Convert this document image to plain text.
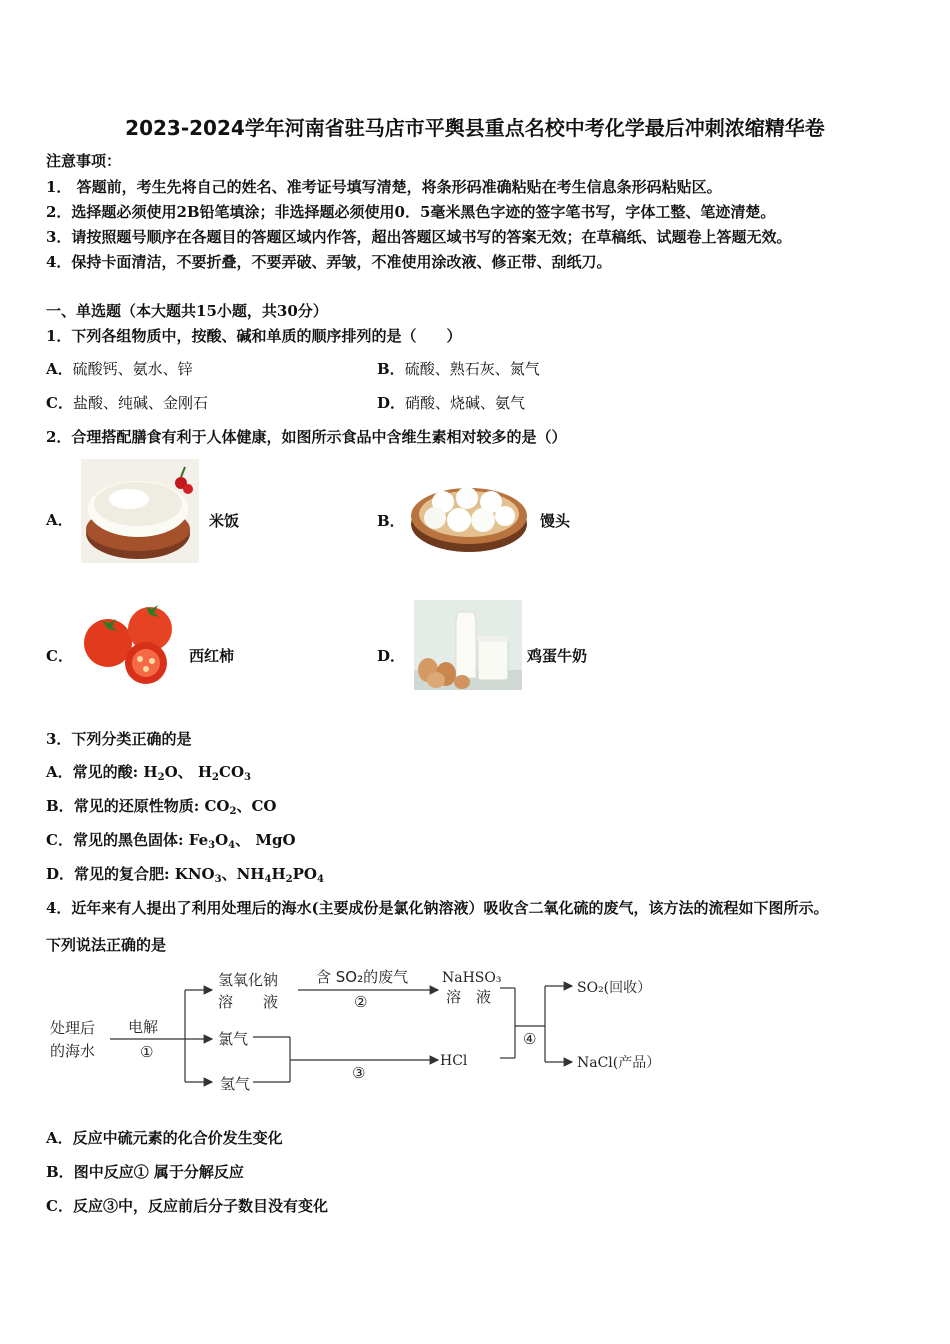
2023-2024学年河南省驻马店市平舆县重点名校中考化学最后冲刺浓缩精华卷
注意事项：
1． 答题前，考生先将自己的姓名、准考证号填写清楚，将条形码准确粘贴在考生信息条形码粘贴区。
2．选择题必须使用2B铅笔填涂；非选择题必须使用0．5毫米黑色字迹的签字笔书写，字体工整、笔迹清楚。
3．请按照题号顺序在各题目的答题区域内作答，超出答题区域书写的答案无效；在草稿纸、试题卷上答题无效。
4．保持卡面清洁，不要折叠，不要弄破、弄皱，不准使用涂改液、修正带、刮纸刀。
一、单选题（本大题共15小题，共30分）
1．下列各组物质中，按酸、碱和单质的顺序排列的是（　　）
A．硫酸钙、氨水、锌	B．硫酸、熟石灰、氮气
C．盐酸、纯碱、金刚石	D．硝酸、烧碱、氨气
2．合理搭配膳食有利于人体健康，如图所示食品中含维生素相对较多的是（）
A．	米饭	B．	馒头
C．	西红柿	D．	鸡蛋牛奶
3．下列分类正确的是
A．常见的酸: $H_2O$、 $H_2CO_3$
B．常见的还原性物质: $CO_2$、CO
C．常见的黑色固体: $Fe_3O_4$、 MgO
D．常见的复合肥: $KNO_3$、$NH_4H_2PO_4$
4．近年来有人提出了利用处理后的海水(主要成份是氯化钠溶液）吸收含二氧化硫的废气，该方法的流程如下图所示。
下列说法正确的是
处理后
的海水
电解
①
氢氧化钠
溶　　液
氯气
氢气
含 SO₂的废气
②
NaHSO₃
溶　液
③
HCl
④
SO₂(回收）
NaCl(产品）
A．反应中硫元素的化合价发生变化
B．图中反应① 属于分解反应
C．反应③中，反应前后分子数目没有变化
